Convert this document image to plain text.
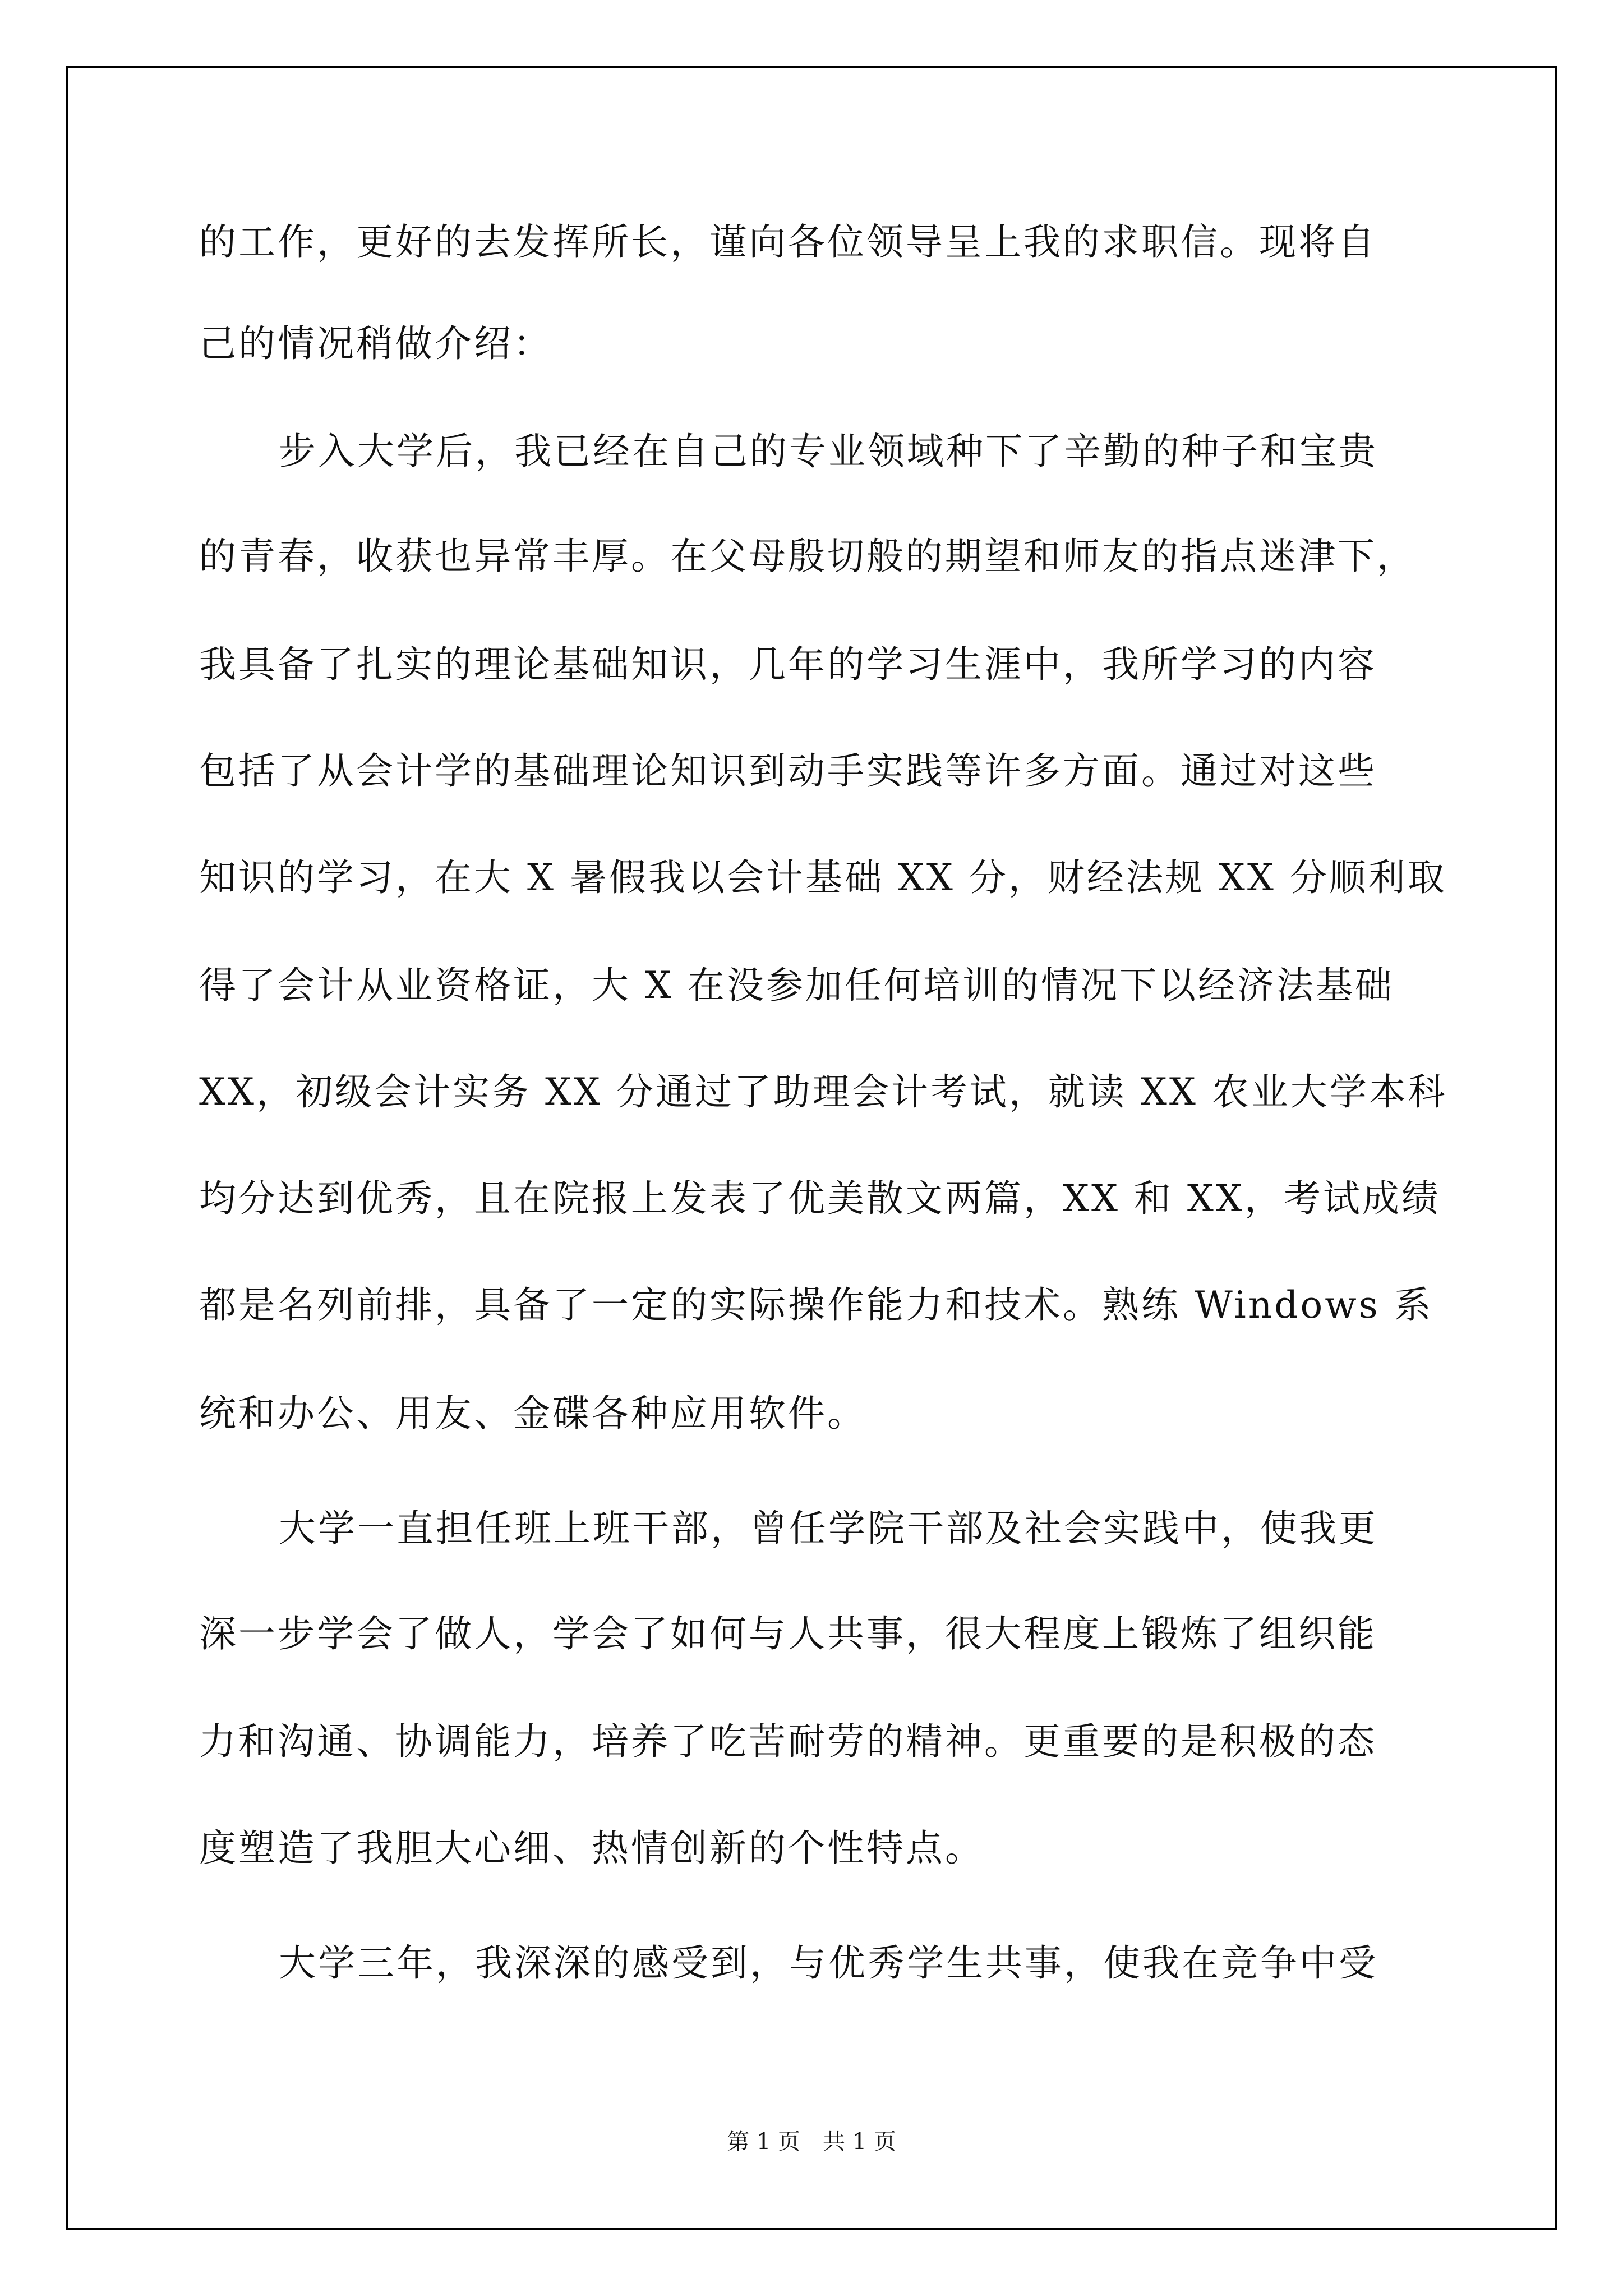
的工作，更好的去发挥所长，谨向各位领导呈上我的求职信。现将自
己的情况稍做介绍：
步入大学后，我已经在自己的专业领域种下了辛勤的种子和宝贵
的青春，收获也异常丰厚。在父母殷切般的期望和师友的指点迷津下，
我具备了扎实的理论基础知识，几年的学习生涯中，我所学习的内容
包括了从会计学的基础理论知识到动手实践等许多方面。通过对这些
知识的学习，在大 X 暑假我以会计基础 XX 分，财经法规 XX 分顺利取
得了会计从业资格证，大 X 在没参加任何培训的情况下以经济法基础
XX，初级会计实务 XX 分通过了助理会计考试，就读 XX 农业大学本科
均分达到优秀，且在院报上发表了优美散文两篇，XX 和 XX，考试成绩
都是名列前排，具备了一定的实际操作能力和技术。熟练 Windows 系
统和办公、用友、金碟各种应用软件。
大学一直担任班上班干部，曾任学院干部及社会实践中，使我更
深一步学会了做人，学会了如何与人共事，很大程度上锻炼了组织能
力和沟通、协调能力，培养了吃苦耐劳的精神。更重要的是积极的态
度塑造了我胆大心细、热情创新的个性特点。
大学三年，我深深的感受到，与优秀学生共事，使我在竞争中受
第 1 页　共 1 页
